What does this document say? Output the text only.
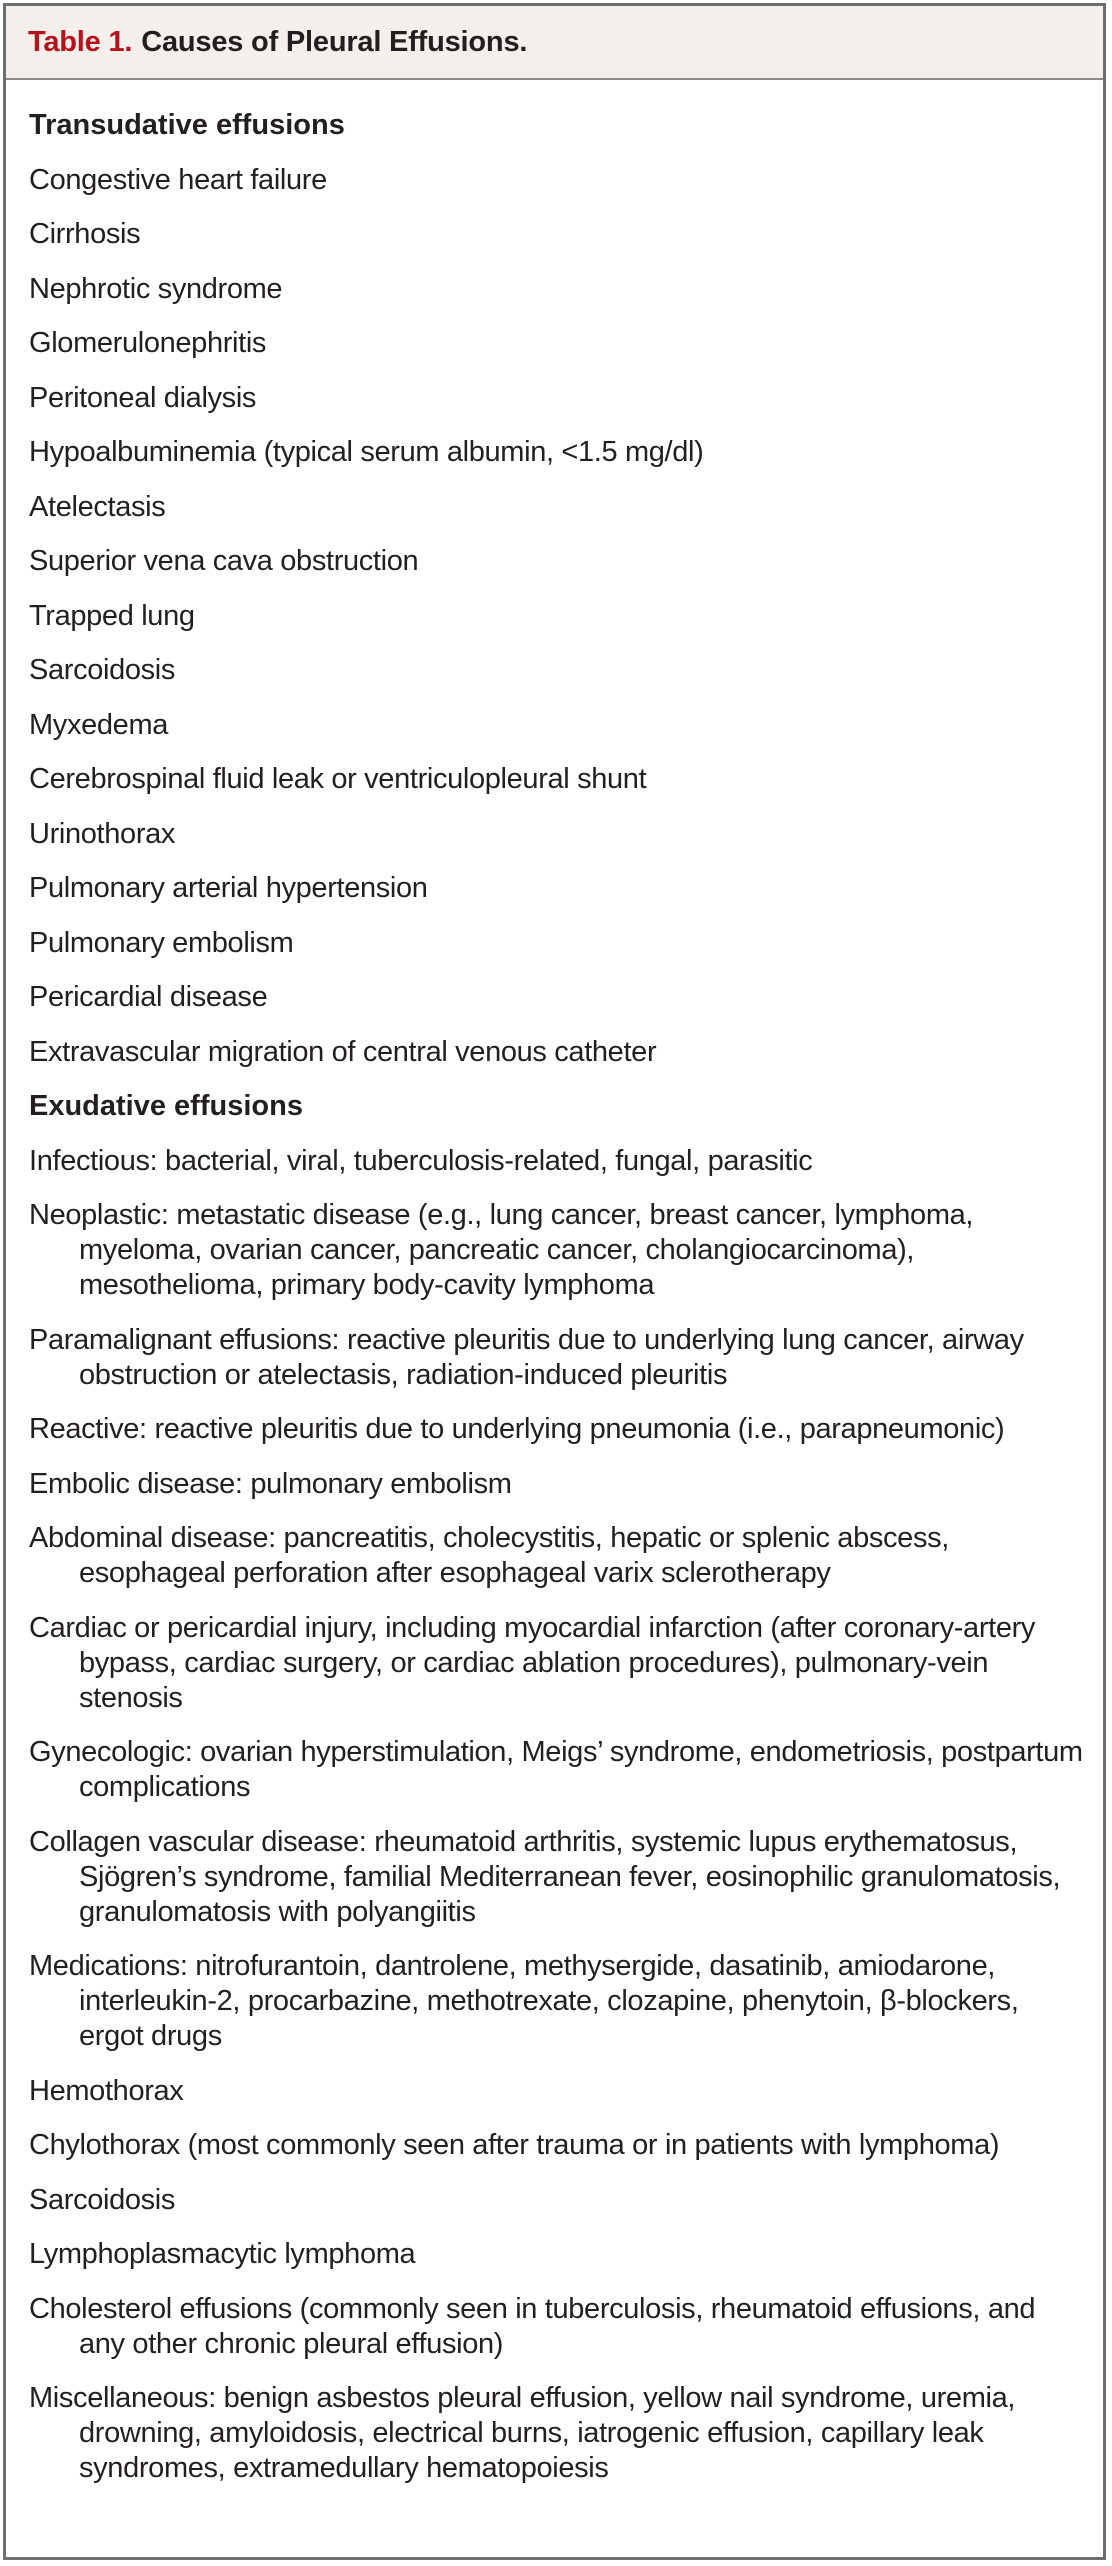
Table 1. Causes of Pleural Effusions.
Transudative effusions
Congestive heart failure
Cirrhosis
Nephrotic syndrome
Glomerulonephritis
Peritoneal dialysis
Hypoalbuminemia (typical serum albumin, <1.5 mg/dl)
Atelectasis
Superior vena cava obstruction
Trapped lung
Sarcoidosis
Myxedema
Cerebrospinal fluid leak or ventriculopleural shunt
Urinothorax
Pulmonary arterial hypertension
Pulmonary embolism
Pericardial disease
Extravascular migration of central venous catheter
Exudative effusions
Infectious: bacterial, viral, tuberculosis-related, fungal, parasitic
Neoplastic: metastatic disease (e.g., lung cancer, breast cancer, lymphoma, myeloma, ovarian cancer, pancreatic cancer, cholangiocarcinoma), mesothelioma, primary body-cavity lymphoma
Paramalignant effusions: reactive pleuritis due to underlying lung cancer, airway obstruction or atelectasis, radiation-induced pleuritis
Reactive: reactive pleuritis due to underlying pneumonia (i.e., parapneumonic)
Embolic disease: pulmonary embolism
Abdominal disease: pancreatitis, cholecystitis, hepatic or splenic abscess, esophageal perforation after esophageal varix sclerotherapy
Cardiac or pericardial injury, including myocardial infarction (after coronary-artery bypass, cardiac surgery, or cardiac ablation procedures), pulmonary-vein stenosis
Gynecologic: ovarian hyperstimulation, Meigs’ syndrome, endometriosis, postpartum complications
Collagen vascular disease: rheumatoid arthritis, systemic lupus erythematosus, Sjögren’s syndrome, familial Mediterranean fever, eosinophilic granulomatosis, granulomatosis with polyangiitis
Medications: nitrofurantoin, dantrolene, methysergide, dasatinib, amiodarone, interleukin-2, procarbazine, methotrexate, clozapine, phenytoin, β-blockers, ergot drugs
Hemothorax
Chylothorax (most commonly seen after trauma or in patients with lymphoma)
Sarcoidosis
Lymphoplasmacytic lymphoma
Cholesterol effusions (commonly seen in tuberculosis, rheumatoid effusions, and any other chronic pleural effusion)
Miscellaneous: benign asbestos pleural effusion, yellow nail syndrome, uremia, drowning, amyloidosis, electrical burns, iatrogenic effusion, capillary leak syndromes, extramedullary hematopoiesis
